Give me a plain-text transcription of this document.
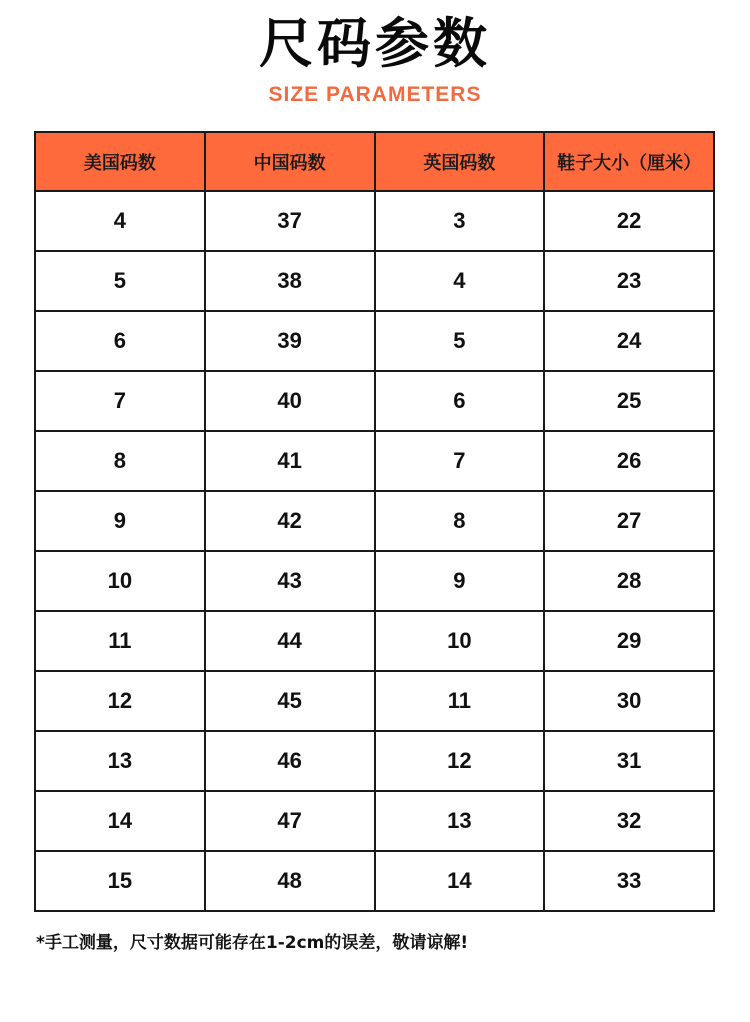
尺码参数
SIZE PARAMETERS
美国码数	中国码数	英国码数	鞋子大小（厘米）
4	37	3	22
5	38	4	23
6	39	5	24
7	40	6	25
8	41	7	26
9	42	8	27
10	43	9	28
11	44	10	29
12	45	11	30
13	46	12	31
14	47	13	32
15	48	14	33
*手工测量，尺寸数据可能存在1-2cm的误差，敬请谅解!
